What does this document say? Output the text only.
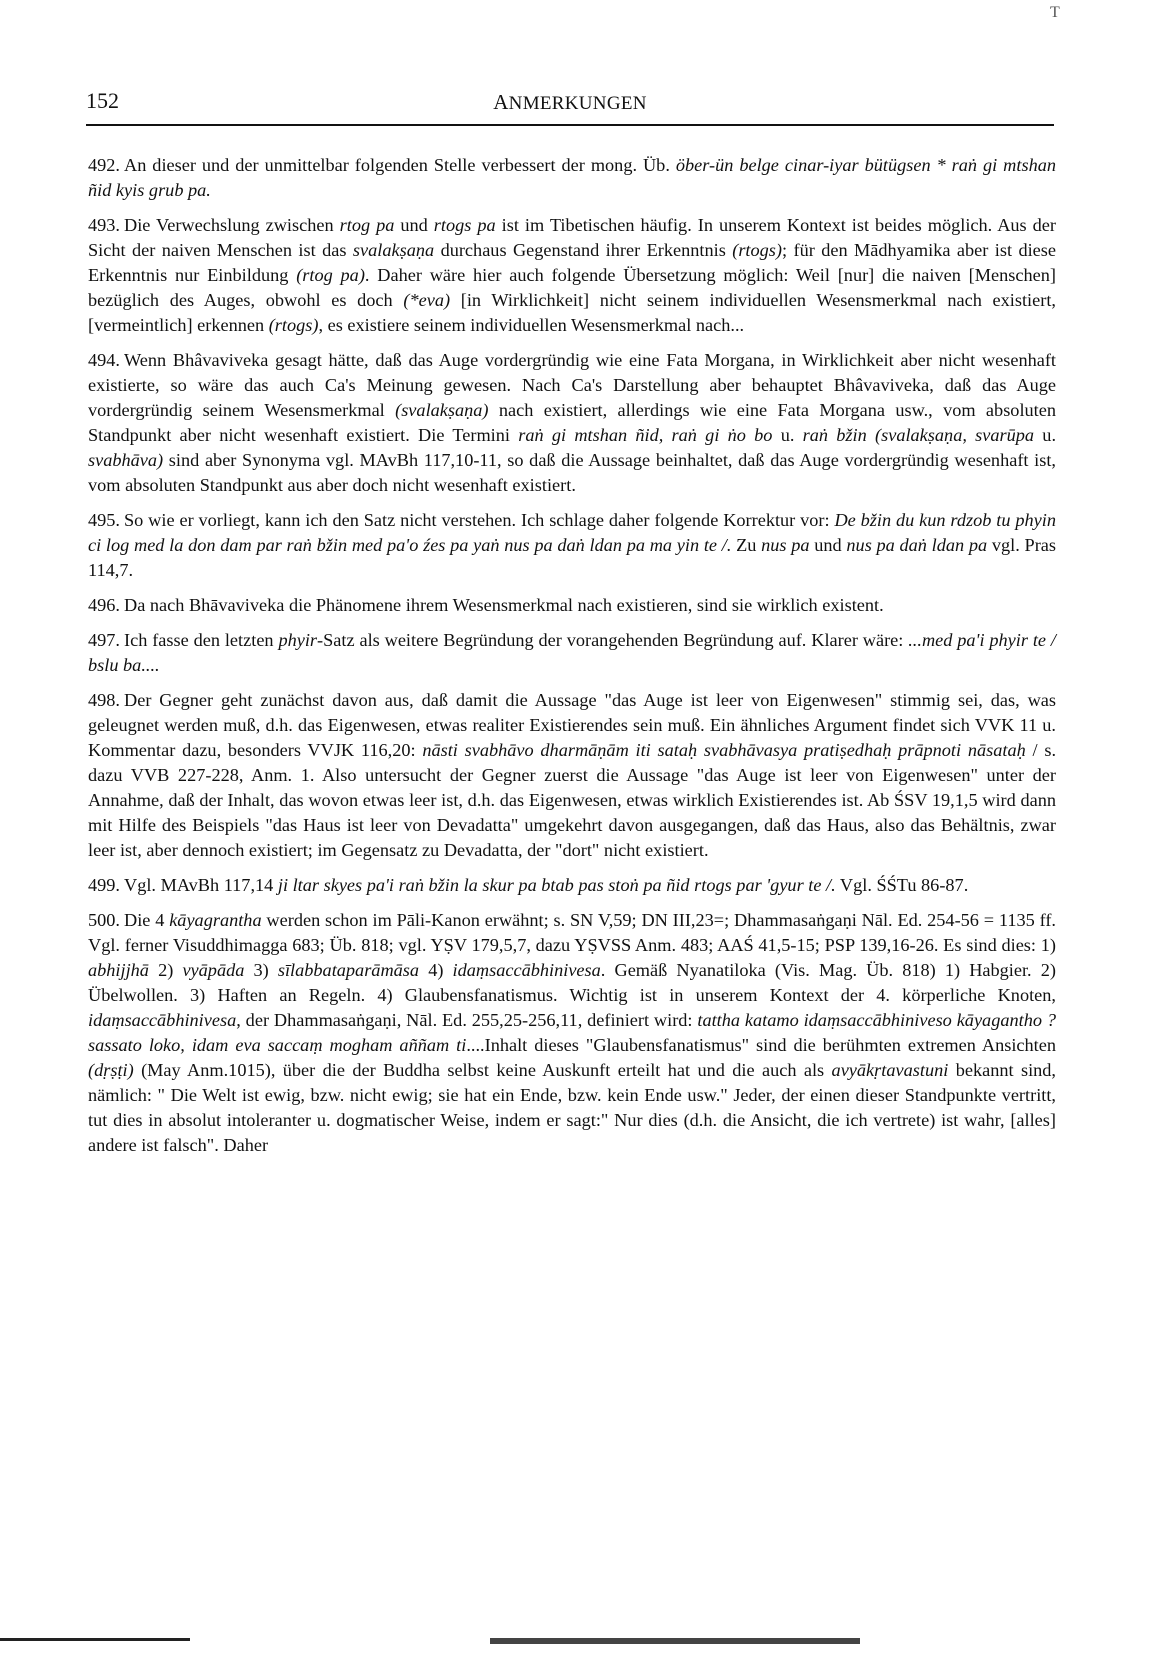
T
152	ANMERKUNGEN

492. An dieser und der unmittelbar folgenden Stelle verbessert der mong. Üb. öber-ün belge cinar-iyar bütügsen * raṅ gi mtshan ñid kyis grub pa.

493. Die Verwechslung zwischen rtog pa und rtogs pa ist im Tibetischen häufig. In unserem Kontext ist beides möglich. Aus der Sicht der naiven Menschen ist das svalakṣaṇa durchaus Gegenstand ihrer Erkenntnis (rtogs); für den Mādhyamika aber ist diese Erkenntnis nur Einbildung (rtog pa). Daher wäre hier auch folgende Übersetzung möglich: Weil [nur] die naiven [Menschen] bezüglich des Auges, obwohl es doch (*eva) [in Wirklichkeit] nicht seinem individuellen Wesensmerkmal nach existiert, [vermeintlich] erkennen (rtogs), es existiere seinem individuellen Wesensmerkmal nach...

494. Wenn Bhâvaviveka gesagt hätte, daß das Auge vordergründig wie eine Fata Morgana, in Wirklichkeit aber nicht wesenhaft existierte, so wäre das auch Ca's Meinung gewesen. Nach Ca's Darstellung aber behauptet Bhâvaviveka, daß das Auge vordergründig seinem Wesensmerkmal (svalakṣaṇa) nach existiert, allerdings wie eine Fata Morgana usw., vom absoluten Standpunkt aber nicht wesenhaft existiert. Die Termini raṅ gi mtshan ñid, raṅ gi ṅo bo u. raṅ bžin (svalakṣaṇa, svarūpa u. svabhāva) sind aber Synonyma vgl. MAvBh 117,10-11, so daß die Aussage beinhaltet, daß das Auge vordergründig wesenhaft ist, vom absoluten Standpunkt aus aber doch nicht wesenhaft existiert.

495. So wie er vorliegt, kann ich den Satz nicht verstehen. Ich schlage daher folgende Korrektur vor: De bžin du kun rdzob tu phyin ci log med la don dam par raṅ bžin med pa'o źes pa yaṅ nus pa daṅ ldan pa ma yin te /. Zu nus pa und nus pa daṅ ldan pa vgl. Pras 114,7.

496. Da nach Bhāvaviveka die Phänomene ihrem Wesensmerkmal nach existieren, sind sie wirklich existent.

497. Ich fasse den letzten phyir-Satz als weitere Begründung der vorangehenden Begründung auf. Klarer wäre: ...med pa'i phyir te / bslu ba....

498. Der Gegner geht zunächst davon aus, daß damit die Aussage "das Auge ist leer von Eigenwesen" stimmig sei, das, was geleugnet werden muß, d.h. das Eigenwesen, etwas realiter Existierendes sein muß. Ein ähnliches Argument findet sich VVK 11 u. Kommentar dazu, besonders VVJK 116,20: nāsti svabhāvo dharmāṇām iti sataḥ svabhāvasya pratiṣedhaḥ prāpnoti nāsataḥ / s. dazu VVB 227-228, Anm. 1. Also untersucht der Gegner zuerst die Aussage "das Auge ist leer von Eigenwesen" unter der Annahme, daß der Inhalt, das wovon etwas leer ist, d.h. das Eigenwesen, etwas wirklich Existierendes ist. Ab ŚSV 19,1,5 wird dann mit Hilfe des Beispiels "das Haus ist leer von Devadatta" umgekehrt davon ausgegangen, daß das Haus, also das Behältnis, zwar leer ist, aber dennoch existiert; im Gegensatz zu Devadatta, der "dort" nicht existiert.

499. Vgl. MAvBh 117,14 ji ltar skyes pa'i raṅ bžin la skur pa btab pas stoṅ pa ñid rtogs par 'gyur te /. Vgl. ŚŚTu 86-87.

500. Die 4 kāyagrantha werden schon im Pāli-Kanon erwähnt; s. SN V,59; DN III,23=; Dhammasaṅgaṇi Nāl. Ed. 254-56 = 1135 ff. Vgl. ferner Visuddhimagga 683; Üb. 818; vgl. YṢV 179,5,7, dazu YṢVSS Anm. 483; AAŚ 41,5-15; PSP 139,16-26. Es sind dies: 1) abhijjhā 2) vyāpāda 3) sīlabbataparāmāsa 4) idaṃsaccābhinivesa. Gemäß Nyanatiloka (Vis. Mag. Üb. 818) 1) Habgier. 2) Übelwollen. 3) Haften an Regeln. 4) Glaubensfanatismus. Wichtig ist in unserem Kontext der 4. körperliche Knoten, idaṃsaccābhinivesa, der Dhammasaṅgaṇi, Nāl. Ed. 255,25-256,11, definiert wird: tattha katamo idaṃsaccābhiniveso kāyagantho ? sassato loko, idam eva saccaṃ mogham aññam ti....Inhalt dieses "Glaubensfanatismus" sind die berühmten extremen Ansichten (dṛṣṭi) (May Anm.1015), über die der Buddha selbst keine Auskunft erteilt hat und die auch als avyākṛtavastuni bekannt sind, nämlich: " Die Welt ist ewig, bzw. nicht ewig; sie hat ein Ende, bzw. kein Ende usw." Jeder, der einen dieser Standpunkte vertritt, tut dies in absolut intoleranter u. dogmatischer Weise, indem er sagt:" Nur dies (d.h. die Ansicht, die ich vertrete) ist wahr, [alles] andere ist falsch". Daher
